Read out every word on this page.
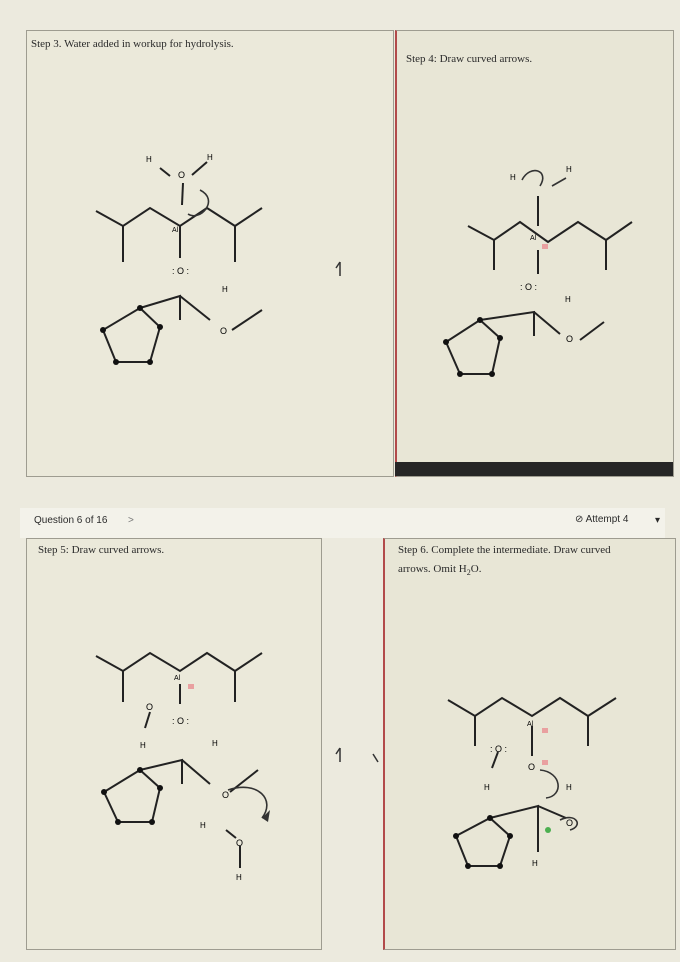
Step 3. Water added in workup for hydrolysis.
Step 4: Draw curved arrows.
H
O
H
Al
: O :
H
O
H
H
Al
: O :
H
O
Question 6 of 16 >	⊘ Attempt 4	▾
Step 5: Draw curved arrows.	Step 6. Complete the intermediate. Draw curved
arrows. Omit $H_2O$.
Al
O
H
: O :
H
O
H
O
H
Al
: O :
H
O
H
O
H
